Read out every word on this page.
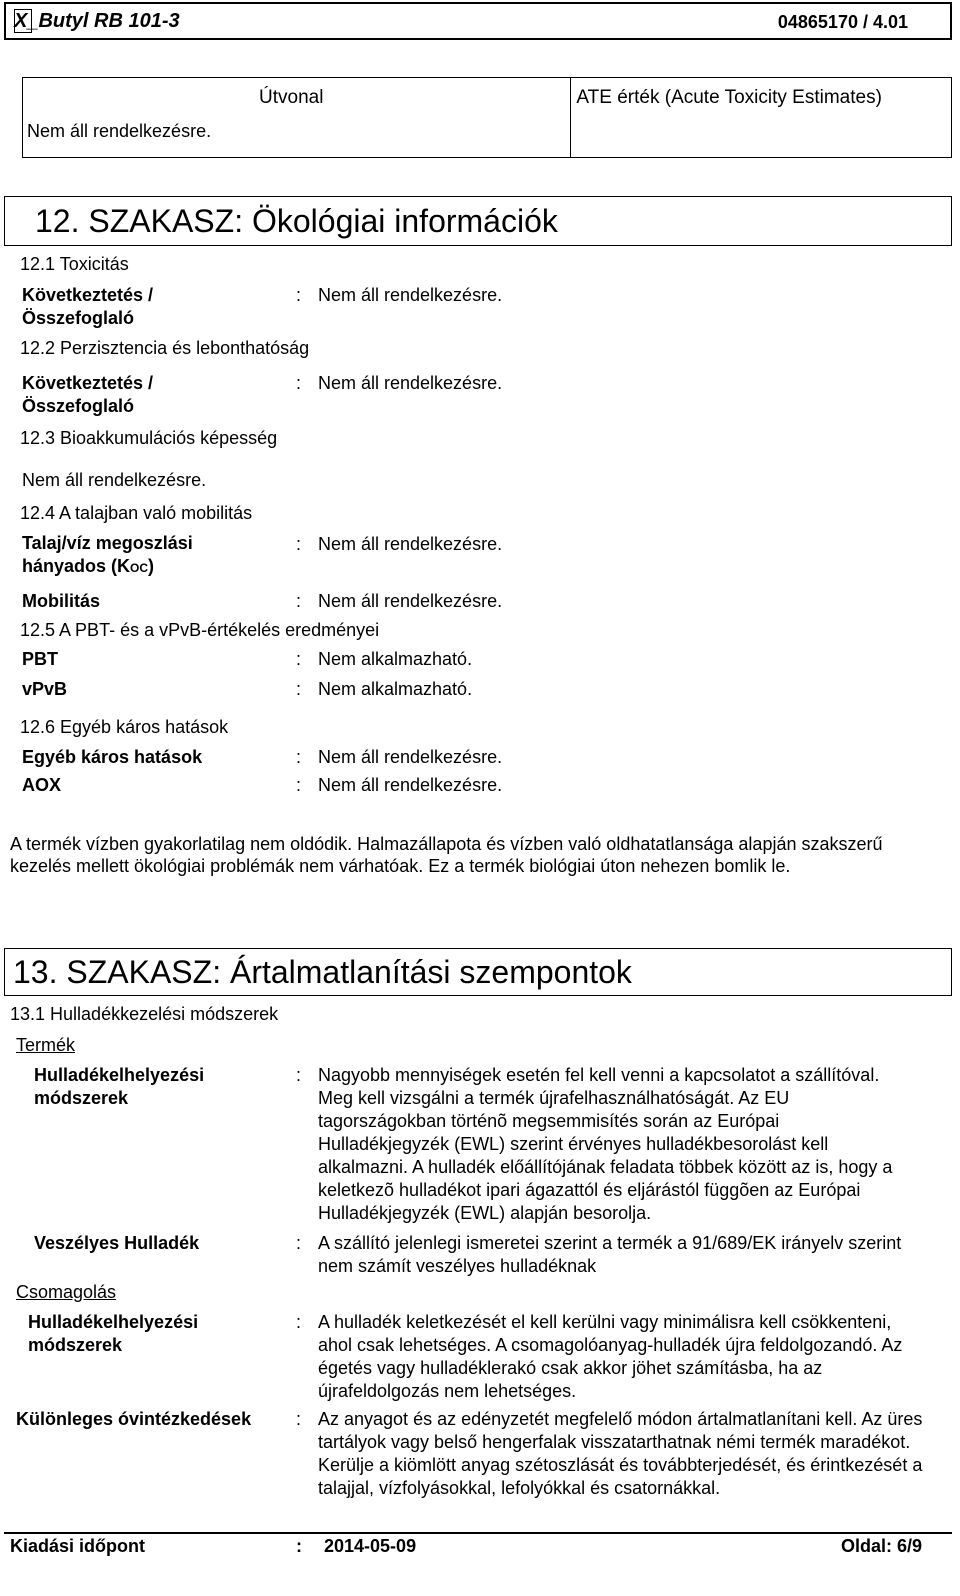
X_Butyl RB 101-3	04865170 / 4.01
Útvonal
Nem áll rendelkezésre.

ATE érték (Acute Toxicity Estimates)
12. SZAKASZ: Ökológiai információk
12.1 Toxicitás
Következtetés / Összefoglaló
: Nem áll rendelkezésre.
12.2 Perzisztencia és lebonthatóság
Következtetés / Összefoglaló
: Nem áll rendelkezésre.
12.3 Bioakkumulációs képesség
Nem áll rendelkezésre.
12.4 A talajban való mobilitás
Talaj/víz megoszlási hányados (KOC)
: Nem áll rendelkezésre.
Mobilitás	: Nem áll rendelkezésre.
12.5 A PBT- és a vPvB-értékelés eredményei
PBT	: Nem alkalmazható.
vPvB	: Nem alkalmazható.
12.6 Egyéb káros hatások
Egyéb káros hatások	: Nem áll rendelkezésre.
AOX	: Nem áll rendelkezésre.
A termék vízben gyakorlatilag nem oldódik. Halmazállapota és vízben való oldhatatlansága alapján szakszerű kezelés mellett ökológiai problémák nem várhatóak. Ez a termék biológiai úton nehezen bomlik le.
13. SZAKASZ: Ártalmatlanítási szempontok
13.1 Hulladékkezelési módszerek
Termék
Hulladékelhelyezési módszerek
: Nagyobb mennyiségek esetén fel kell venni a kapcsolatot a szállítóval. Meg kell vizsgálni a termék újrafelhasználhatóságát. Az EU tagországokban történõ megsemmisítés során az Európai Hulladékjegyzék (EWL) szerint érvényes hulladékbesorolást kell alkalmazni. A hulladék előállítójának feladata többek között az is, hogy a keletkezõ hulladékot ipari ágazattól és eljárástól függõen az Európai Hulladékjegyzék (EWL) alapján besorolja.
Veszélyes Hulladék	: A szállító jelenlegi ismeretei szerint a termék a 91/689/EK irányelv szerint nem számít veszélyes hulladéknak
Csomagolás
Hulladékelhelyezési módszerek
: A hulladék keletkezését el kell kerülni vagy minimálisra kell csökkenteni, ahol csak lehetséges. A csomagolóanyag-hulladék újra feldolgozandó. Az égetés vagy hulladéklerakó csak akkor jöhet számításba, ha az újrafeldolgozás nem lehetséges.
Különleges óvintézkedések : Az anyagot és az edényzetét megfelelő módon ártalmatlanítani kell. Az üres tartályok vagy belső hengerfalak visszatarthatnak némi termék maradékot. Kerülje a kiömlött anyag szétoszlását és továbbterjedését, és érintkezését a talajjal, vízfolyásokkal, lefolyókkal és csatornákkal.
Kiadási időpont	: 2014-05-09	Oldal: 6/9
